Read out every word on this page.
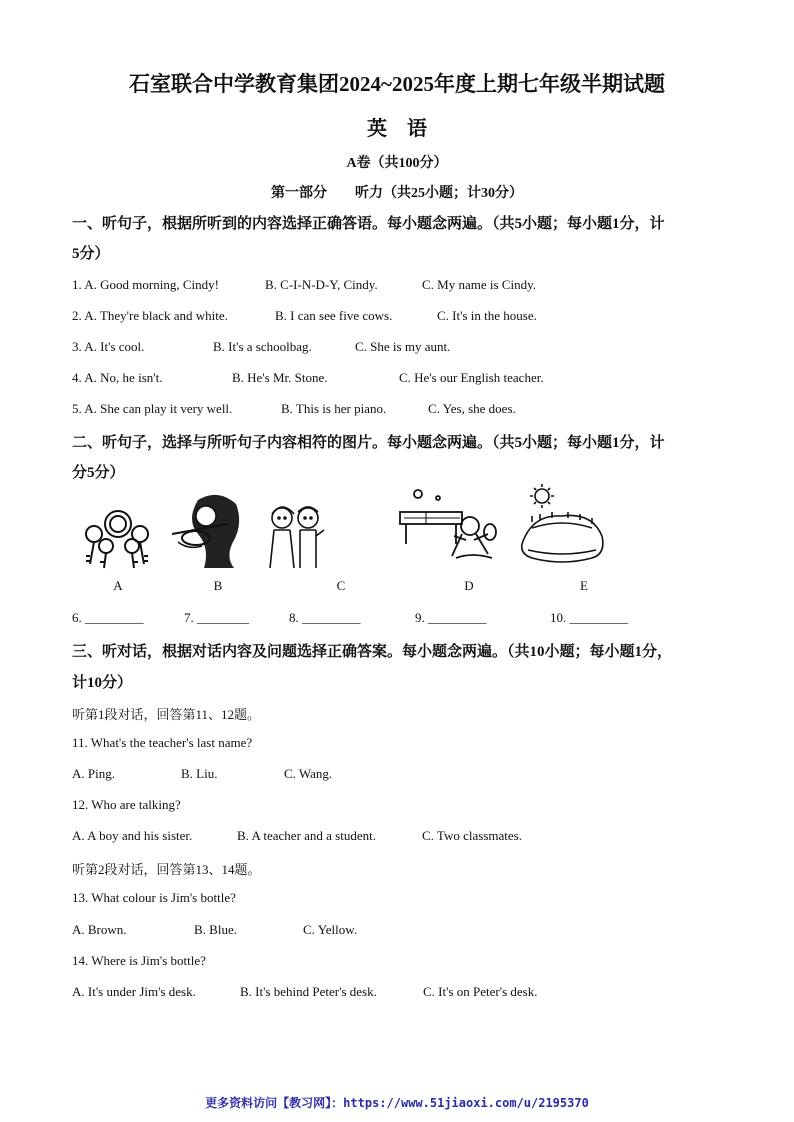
石室联合中学教育集团2024~2025年度上期七年级半期试题
英　语
A卷（共100分）
第一部分　　听力（共25小题；计30分）
一、听句子，根据所听到的内容选择正确答语。每小题念两遍。（共5小题；每小题1分，计
5分）
1. A. Good morning, Cindy!	B. C-I-N-D-Y, Cindy.	C. My name is Cindy.
2. A. They're black and white.	B. I can see five cows.	C. It's in the house.
3. A. It's cool.	B. It's a schoolbag.	C. She is my aunt.
4. A. No, he isn't.	B. He's Mr. Stone.	C. He's our English teacher.
5. A. She can play it very well.	B. This is her piano.	C. Yes, she does.
二、听句子，选择与所听句子内容相符的图片。每小题念两遍。（共5小题；每小题1分，计
分5分）
A	B	C	D	E
6. _________	7. ________	8. _________	9. _________	10. _________
三、听对话，根据对话内容及问题选择正确答案。每小题念两遍。（共10小题；每小题1分，
计10分）
听第1段对话，回答第11、12题。
11. What's the teacher's last name?
A. Ping.	B. Liu.	C. Wang.
12. Who are talking?
A. A boy and his sister.	B. A teacher and a student.	C. Two classmates.
听第2段对话，回答第13、14题。
13. What colour is Jim's bottle?
A. Brown.	B. Blue.	C. Yellow.
14. Where is Jim's bottle?
A. It's under Jim's desk.	B. It's behind Peter's desk.	C. It's on Peter's desk.
更多资料访问【教习网】：https://www.51jiaoxi.com/u/2195370
